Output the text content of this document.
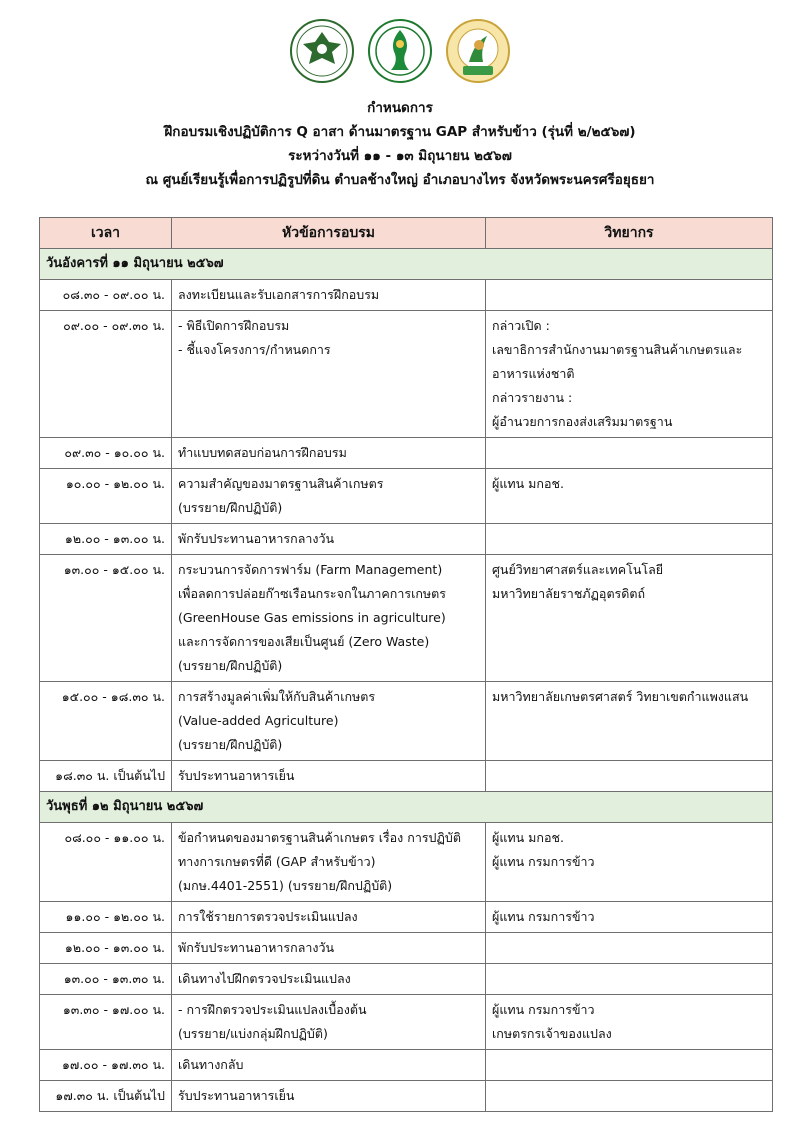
กำหนดการ
ฝึกอบรมเชิงปฏิบัติการ Q อาสา ด้านมาตรฐาน GAP สำหรับข้าว (รุ่นที่ ๒/๒๕๖๗)
ระหว่างวันที่ ๑๑ - ๑๓ มิถุนายน ๒๕๖๗
ณ ศูนย์เรียนรู้เพื่อการปฏิรูปที่ดิน ตำบลช้างใหญ่ อำเภอบางไทร จังหวัดพระนครศรีอยุธยา
เวลา	หัวข้อการอบรม	วิทยากร
วันอังคารที่ ๑๑ มิถุนายน ๒๕๖๗		
๐๘.๓๐ - ๐๙.๐๐ น.	ลงทะเบียนและรับเอกสารการฝึกอบรม	

๐๙.๐๐ - ๐๙.๓๐ น.	- พิธีเปิดการฝึกอบรม
- ชี้แจงโครงการ/กำหนดการ	กล่าวเปิด :
เลขาธิการสำนักงานมาตรฐานสินค้าเกษตรและ
อาหารแห่งชาติ
กล่าวรายงาน :
ผู้อำนวยการกองส่งเสริมมาตรฐาน

๐๙.๓๐ - ๑๐.๐๐ น.	ทำแบบทดสอบก่อนการฝึกอบรม	

๑๐.๐๐ - ๑๒.๐๐ น.	ความสำคัญของมาตรฐานสินค้าเกษตร
(บรรยาย/ฝึกปฏิบัติ)	ผู้แทน มกอช.

๑๒.๐๐ - ๑๓.๐๐ น.	พักรับประทานอาหารกลางวัน	

๑๓.๐๐ - ๑๕.๐๐ น.	กระบวนการจัดการฟาร์ม (Farm Management)
เพื่อลดการปล่อยก๊าซเรือนกระจกในภาคการเกษตร
(GreenHouse Gas emissions in agriculture)
และการจัดการของเสียเป็นศูนย์ (Zero Waste)
(บรรยาย/ฝึกปฏิบัติ)	ศูนย์วิทยาศาสตร์และเทคโนโลยี
มหาวิทยาลัยราชภัฏอุตรดิตถ์

๑๕.๐๐ - ๑๘.๓๐ น.	การสร้างมูลค่าเพิ่มให้กับสินค้าเกษตร
(Value-added Agriculture)
(บรรยาย/ฝึกปฏิบัติ)	มหาวิทยาลัยเกษตรศาสตร์ วิทยาเขตกำแพงแสน

๑๘.๓๐ น. เป็นต้นไป	รับประทานอาหารเย็น	

วันพุธที่ ๑๒ มิถุนายน ๒๕๖๗		
๐๘.๐๐ - ๑๑.๐๐ น.	ข้อกำหนดของมาตรฐานสินค้าเกษตร เรื่อง การปฏิบัติ
ทางการเกษตรที่ดี (GAP สำหรับข้าว)
(มกษ.4401-2551) (บรรยาย/ฝึกปฏิบัติ)	ผู้แทน มกอช.
ผู้แทน กรมการข้าว

๑๑.๐๐ - ๑๒.๐๐ น.	การใช้รายการตรวจประเมินแปลง	ผู้แทน กรมการข้าว

๑๒.๐๐ - ๑๓.๐๐ น.	พักรับประทานอาหารกลางวัน	

๑๓.๐๐ - ๑๓.๓๐ น.	เดินทางไปฝึกตรวจประเมินแปลง	

๑๓.๓๐ - ๑๗.๐๐ น.	- การฝึกตรวจประเมินแปลงเบื้องต้น
(บรรยาย/แบ่งกลุ่มฝึกปฏิบัติ)	ผู้แทน กรมการข้าว
เกษตรกรเจ้าของแปลง

๑๗.๐๐ - ๑๗.๓๐ น.	เดินทางกลับ	

๑๗.๓๐ น. เป็นต้นไป	รับประทานอาหารเย็น	
